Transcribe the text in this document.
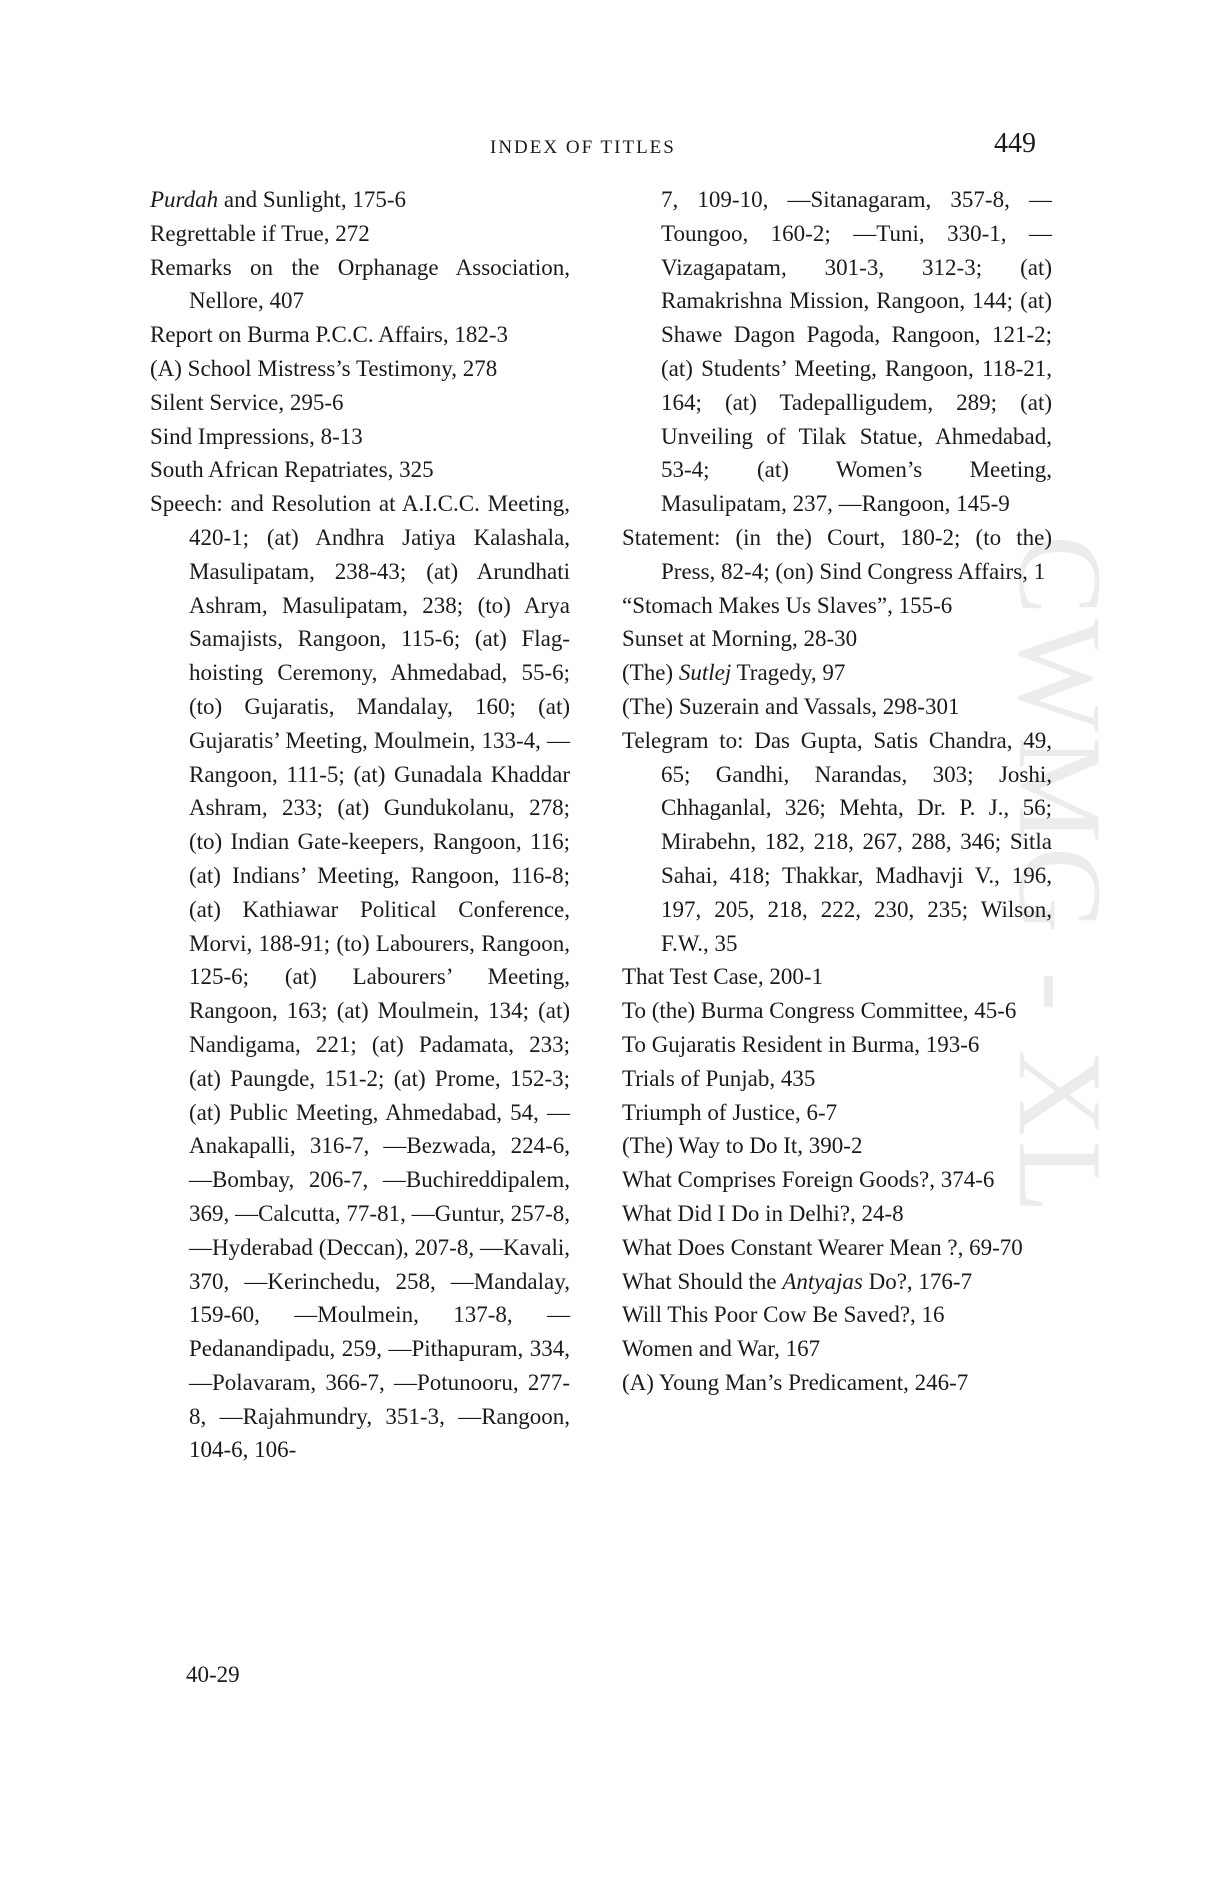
INDEX OF TITLES	449
CWMG - XL

Purdah and Sunlight, 175-6

Regrettable if True, 272

Remarks on the Orphanage Association, Nellore, 407

Report on Burma P.C.C. Affairs, 182-3

(A) School Mistress’s Testimony, 278

Silent Service, 295-6

Sind Impressions, 8-13

South African Repatriates, 325

Speech: and Resolution at A.I.C.C. Meeting, 420-1; (at) Andhra Jatiya Kalashala, Masulipatam, 238-43; (at) Arundhati Ashram, Masulipatam, 238; (to) Arya Samajists, Rangoon, 115-6; (at) Flag-hoisting Ceremony, Ahmedabad, 55-6; (to) Gujaratis, Mandalay, 160; (at) Gujaratis’ Meeting, Moulmein, 133-4, —Rangoon, 111-5; (at) Gunadala Khaddar Ashram, 233; (at) Gundukolanu, 278; (to) Indian Gate-keepers, Rangoon, 116; (at) Indians’ Meeting, Rangoon, 116-8; (at) Kathiawar Political Conference, Morvi, 188-91; (to) Labourers, Rangoon, 125-6; (at) Labourers’ Meeting, Rangoon, 163; (at) Moulmein, 134; (at) Nandigama, 221; (at) Padamata, 233; (at) Paungde, 151-2; (at) Prome, 152-3; (at) Public Meeting, Ahmedabad, 54, —Anakapalli, 316-7, —Bezwada, 224-6, —Bombay, 206-7, —Buchireddipalem, 369, —Calcutta, 77-81, —Guntur, 257-8, —Hyderabad (Deccan), 207-8, —Kavali, 370, —Kerinchedu, 258, —Mandalay, 159-60, —Moulmein, 137-8, —Pedanandipadu, 259, —Pithapuram, 334, —Polavaram, 366-7, —Potunooru, 277-8, —Rajahmundry, 351-3, —Rangoon, 104-6, 106-

7, 109-10, —Sitanagaram, 357-8, —Toungoo, 160-2; —Tuni, 330-1, —Vizagapatam, 301-3, 312-3; (at) Ramakrishna Mission, Rangoon, 144; (at) Shawe Dagon Pagoda, Rangoon, 121-2; (at) Students’ Meeting, Rangoon, 118-21, 164; (at) Tadepalligudem, 289; (at) Unveiling of Tilak Statue, Ahmedabad, 53-4; (at) Women’s Meeting, Masulipatam, 237, —Rangoon, 145-9

Statement: (in the) Court, 180-2; (to the) Press, 82-4; (on) Sind Congress Affairs, 1

“Stomach Makes Us Slaves”, 155-6

Sunset at Morning, 28-30

(The) Sutlej Tragedy, 97

(The) Suzerain and Vassals, 298-301

Telegram to: Das Gupta, Satis Chandra, 49, 65; Gandhi, Narandas, 303; Joshi, Chhaganlal, 326; Mehta, Dr. P. J., 56; Mirabehn, 182, 218, 267, 288, 346; Sitla Sahai, 418; Thakkar, Madhavji V., 196, 197, 205, 218, 222, 230, 235; Wilson, F.W., 35

That Test Case, 200-1

To (the) Burma Congress Committee, 45-6

To Gujaratis Resident in Burma, 193-6

Trials of Punjab, 435

Triumph of Justice, 6-7

(The) Way to Do It, 390-2

What Comprises Foreign Goods?, 374-6

What Did I Do in Delhi?, 24-8

What Does Constant Wearer Mean ?, 69-70

What Should the Antyajas Do?, 176-7

Will This Poor Cow Be Saved?, 16

Women and War, 167

(A) Young Man’s Predicament, 246-7

40-29
